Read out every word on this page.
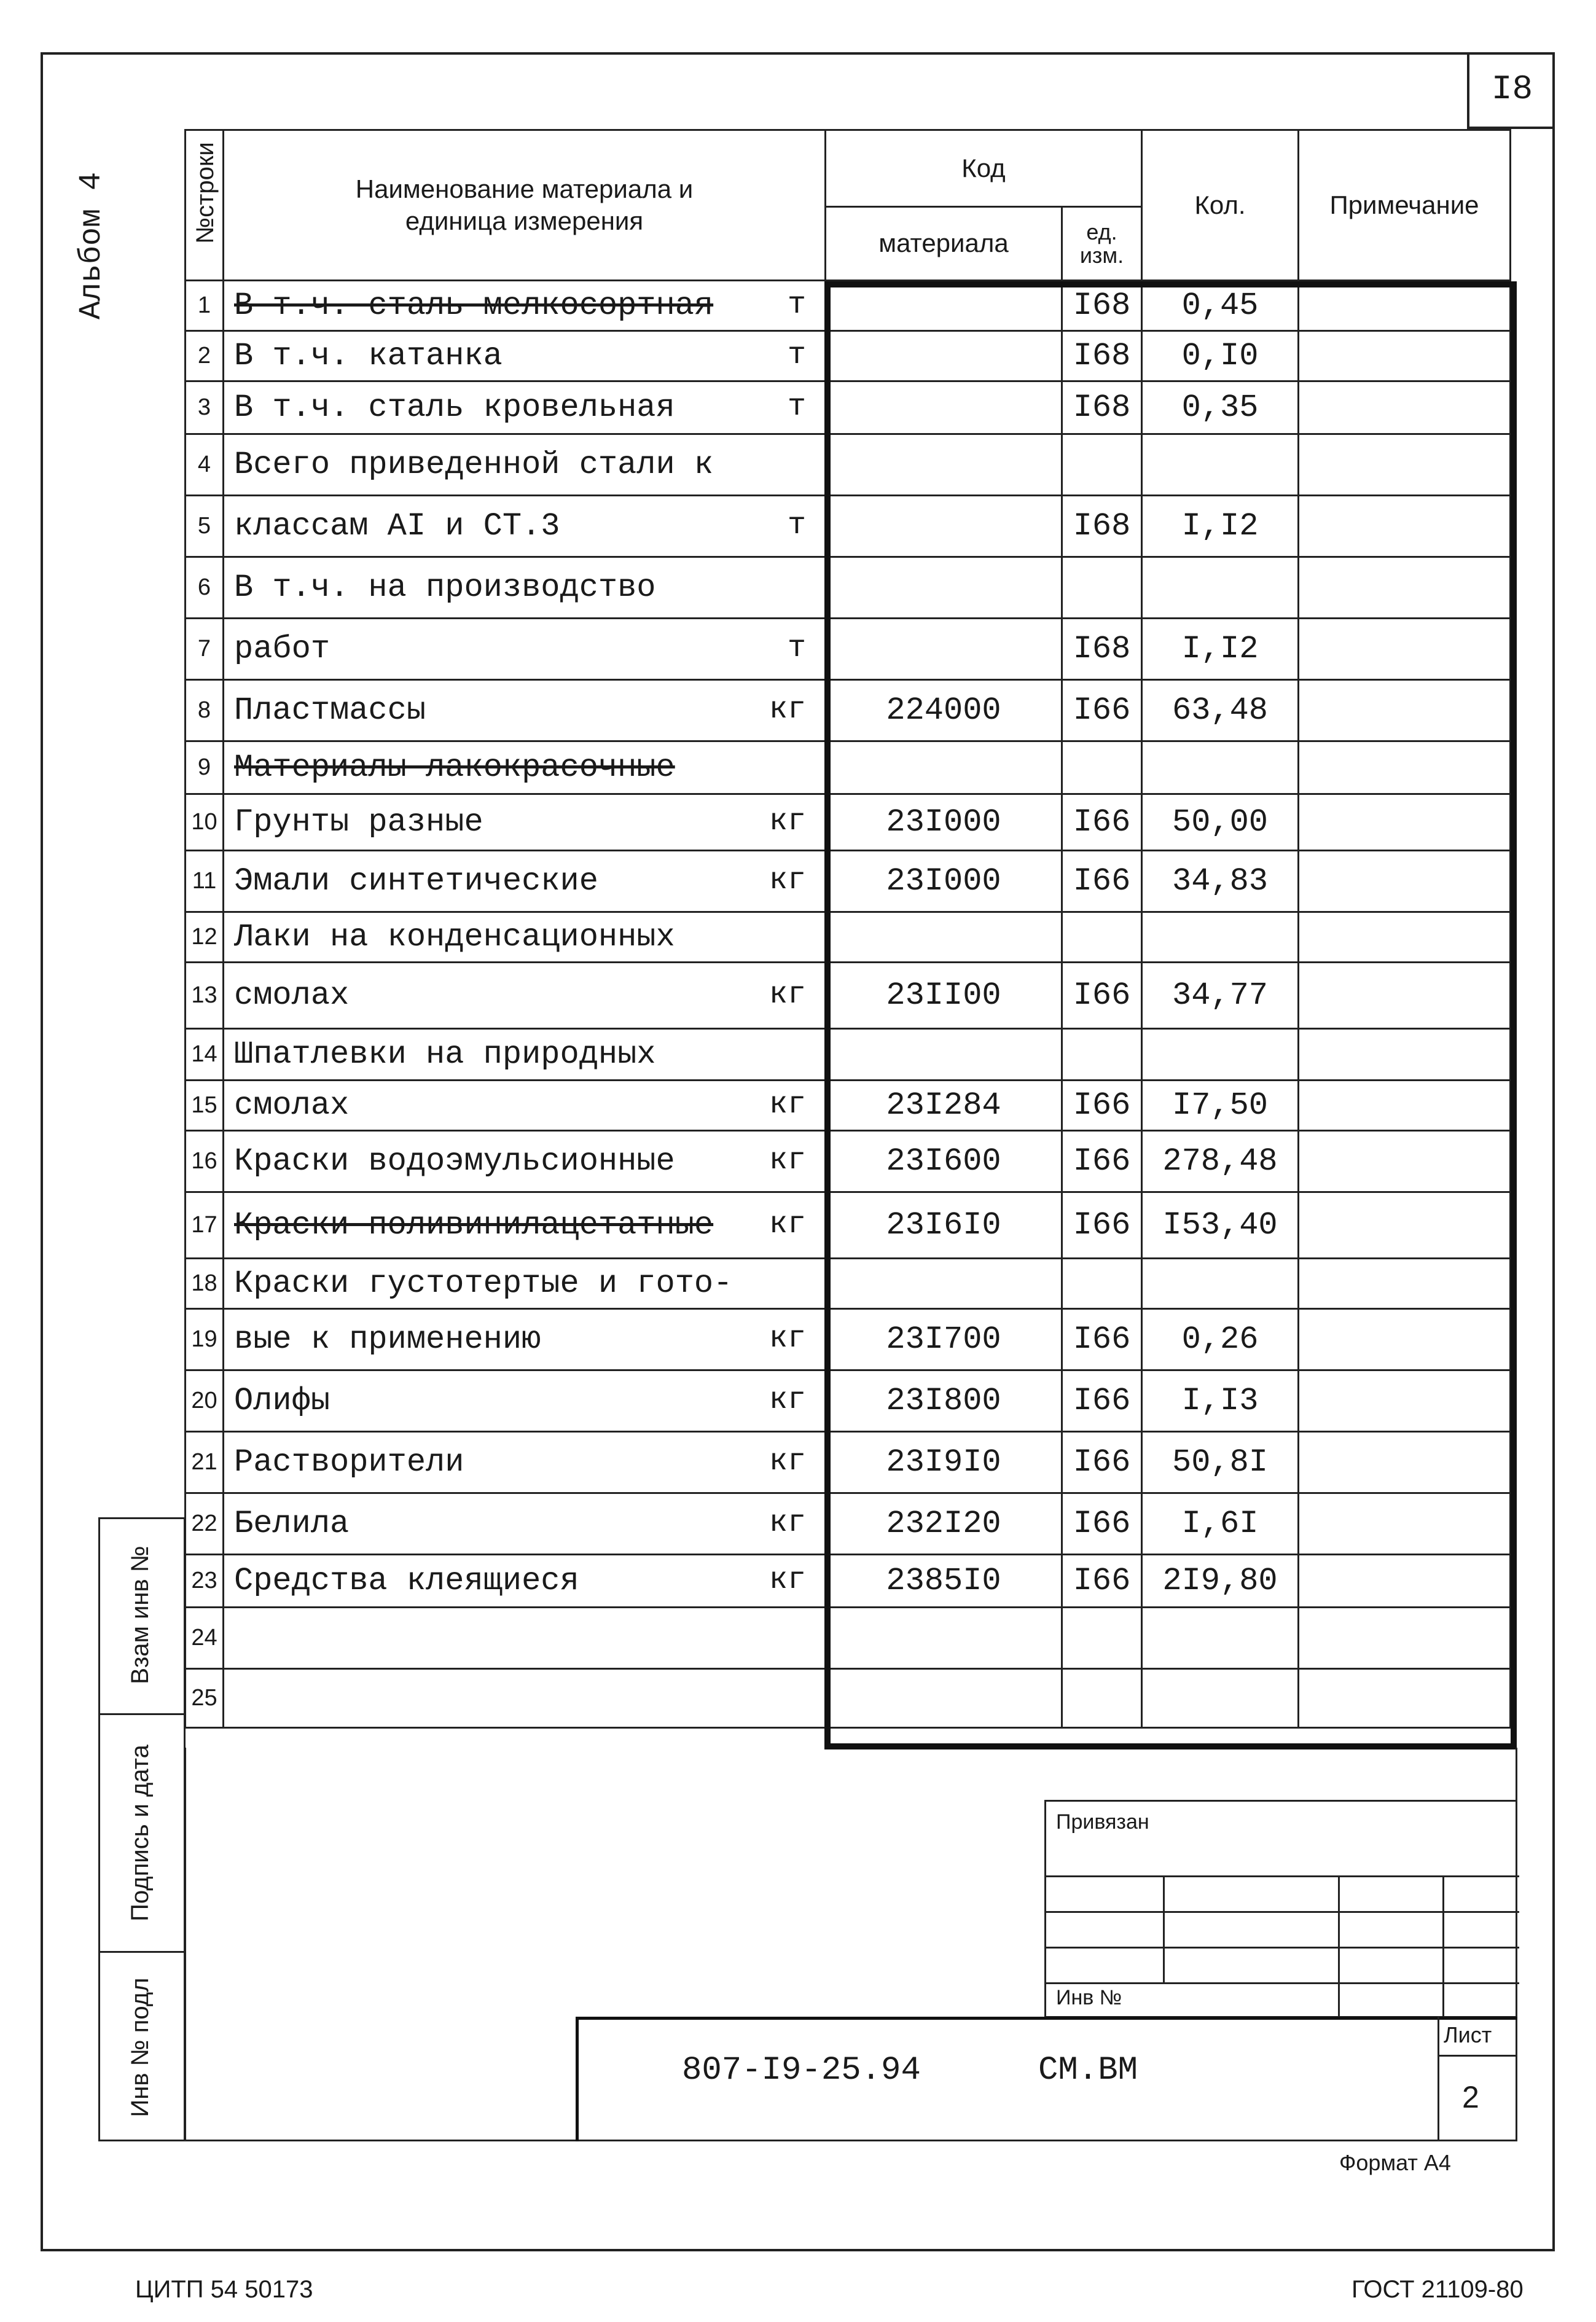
I8
Альбом 4	№строки	Наименование материала и единица измерения	Код		Кол.	Примечание
		материала	ед. изм.		

1	В т.ч. сталь мелкосортная т		I68	0,45	
2	В т.ч. катанка т		I68	0,I0	
3	В т.ч. сталь кровельная т		I68	0,35	
4	Всего приведенной стали к

5	классам АI и СТ.3 т		I68	I,I2	
6	В т.ч. на производство

7	работ т		I68	I,I2	
8	Пластмассы кг	224000	I66	63,48	
9	Материалы лакокрасочные

10	Грунты разные кг	23I000	I66	50,00	
11	Эмали синтетические кг	23I000	I66	34,83	
12	Лаки на конденсационных

13	смолах кг	23II00	I66	34,77	
14	Шпатлевки на природных

15	смолах кг	23I284	I66	I7,50	
16	Краски водоэмульсионные кг	23I600	I66	278,48	
17	Краски поливинилацетатные кг	23I6I0	I66	I53,40	
18	Краски густотертые и гото-

19	вые к применению кг	23I700	I66	0,26	
20	Олифы кг	23I800	I66	I,I3	
21	Растворители кг	23I9I0	I66	50,8I	
22	Белила кг	232I20	I66	I,6I	
23	Средства клеящиеся кг	2385I0	I66	2I9,80	
24	

25	

Взам инв №
Подпись и дата
Инв № подл
Привязан
Инв №
807-I9-25.94	СМ.ВМ
Лист
2
Формат А4
ЦИТП 54 50173	ГОСТ 21109-80
